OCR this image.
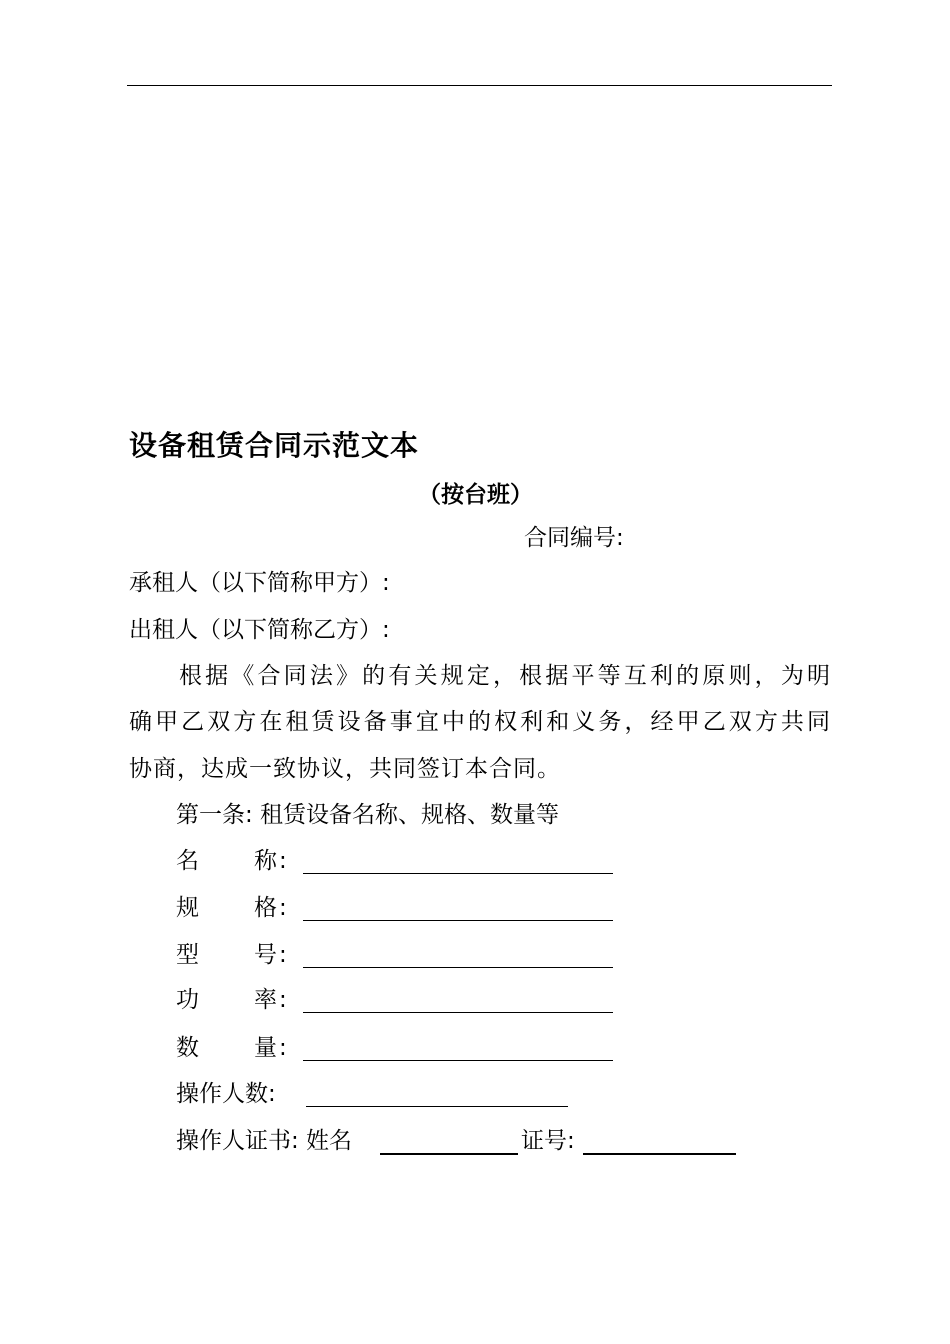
设备租赁合同示范文本
（按台班）
合同编号:
承租人（以下简称甲方）:
出租人（以下简称乙方）:
根据《合同法》的有关规定，根据平等互利的原则，为明
确甲乙双方在租赁设备事宜中的权利和义务，经甲乙双方共同
协商，达成一致协议，共同签订本合同。
第一条: 租赁设备名称、规格、数量等
名 称 :
规 格 :
型 号 :
功 率 :
数 量 :
操作人数:
操作人证书: 姓名	证号:
